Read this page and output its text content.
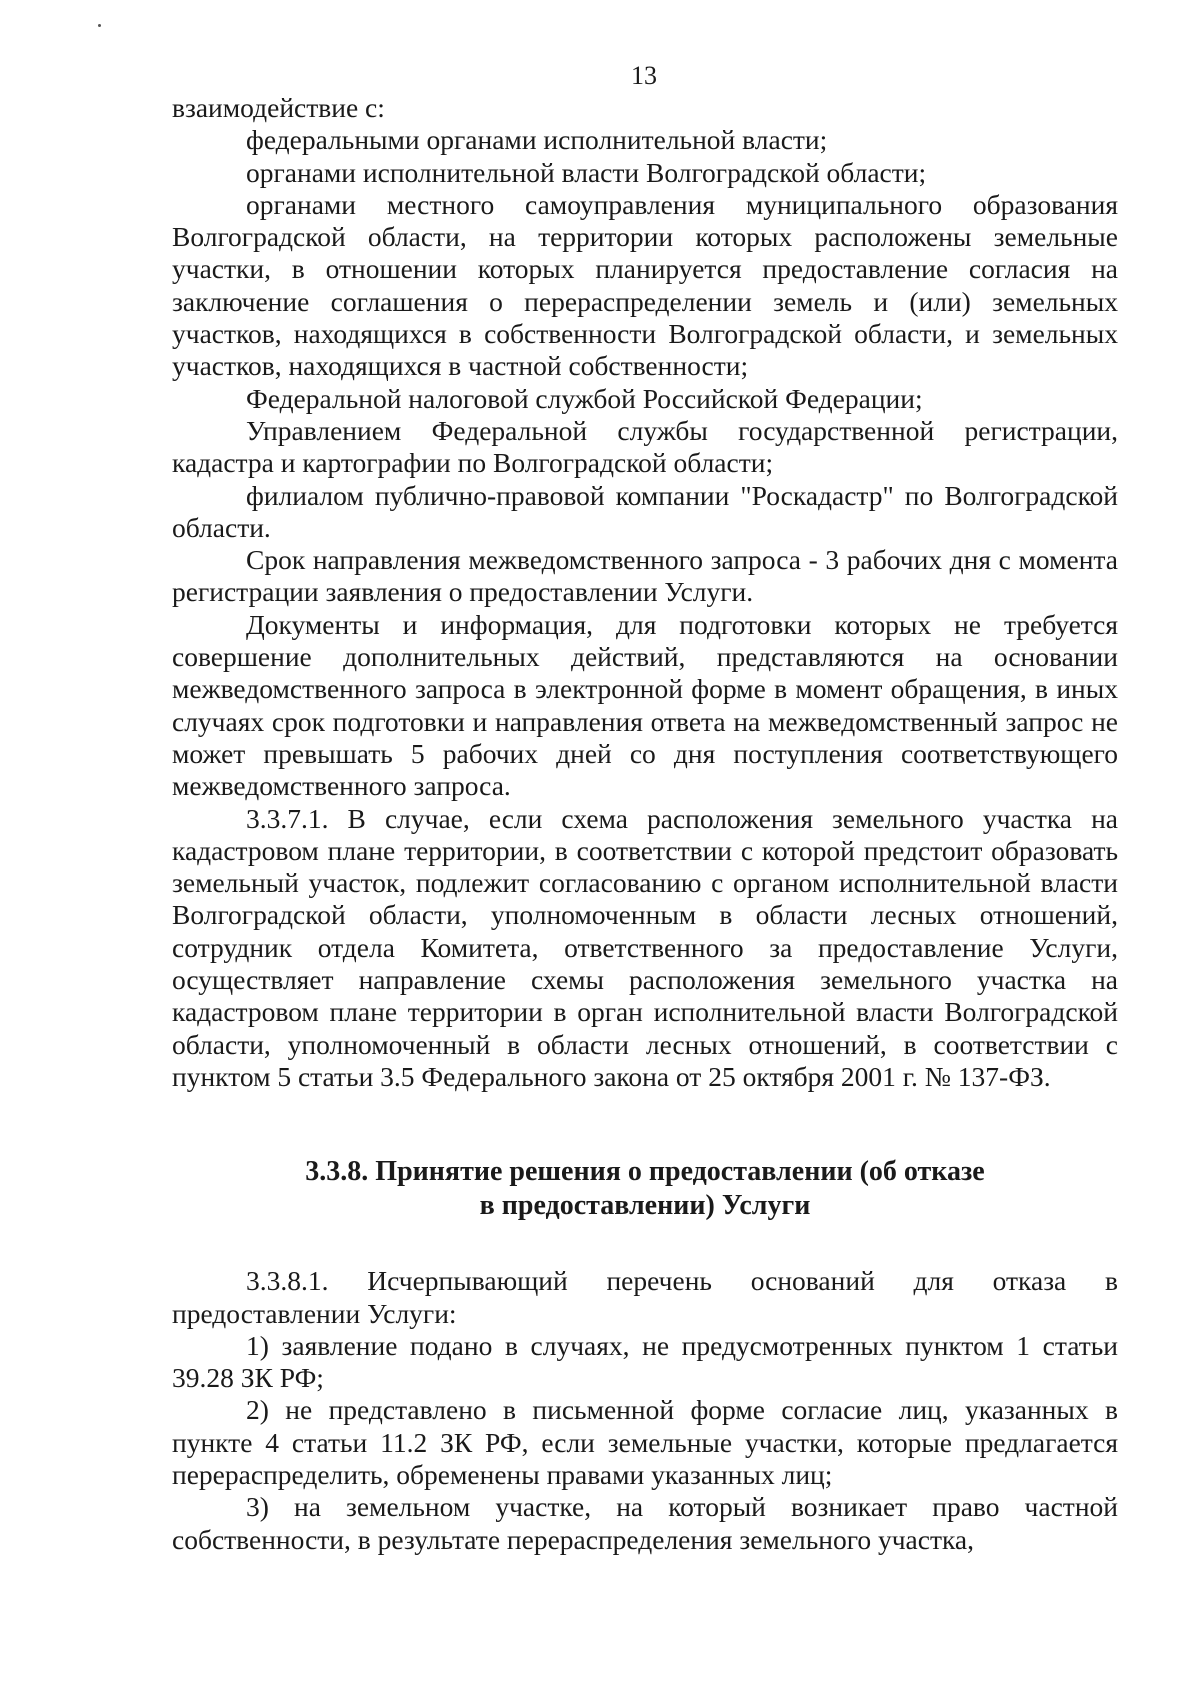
13

взаимодействие с:

федеральными органами исполнительной власти;

органами исполнительной власти Волгоградской области;

органами местного самоуправления муниципального образования Волгоградской области, на территории которых расположены земельные участки, в отношении которых планируется предоставление согласия на заключение соглашения о перераспределении земель и (или) земельных участков, находящихся в собственности Волгоградской области, и земельных участков, находящихся в частной собственности;

Федеральной налоговой службой Российской Федерации;

Управлением Федеральной службы государственной регистрации, кадастра и картографии по Волгоградской области;

филиалом публично-правовой компании "Роскадастр" по Волгоградской области.

Срок направления межведомственного запроса - 3 рабочих дня с момента регистрации заявления о предоставлении Услуги.

Документы и информация, для подготовки которых не требуется совершение дополнительных действий, представляются на основании межведомственного запроса в электронной форме в момент обращения, в иных случаях срок подготовки и направления ответа на межведомственный запрос не может превышать 5 рабочих дней со дня поступления соответствующего межведомственного запроса.

3.3.7.1. В случае, если схема расположения земельного участка на кадастровом плане территории, в соответствии с которой предстоит образовать земельный участок, подлежит согласованию с органом исполнительной власти Волгоградской области, уполномоченным в области лесных отношений, сотрудник отдела Комитета, ответственного за предоставление Услуги, осуществляет направление схемы расположения земельного участка на кадастровом плане территории в орган исполнительной власти Волгоградской области, уполномоченный в области лесных отношений, в соответствии с пунктом 5 статьи 3.5 Федерального закона от 25 октября 2001 г. № 137-ФЗ.

3.3.8. Принятие решения о предоставлении (об отказе
в предоставлении) Услуги

3.3.8.1. Исчерпывающий перечень оснований для отказа в предоставлении Услуги:

1) заявление подано в случаях, не предусмотренных пунктом 1 статьи 39.28 ЗК РФ;

2) не представлено в письменной форме согласие лиц, указанных в пункте 4 статьи 11.2 ЗК РФ, если земельные участки, которые предлагается перераспределить, обременены правами указанных лиц;

3) на земельном участке, на который возникает право частной собственности, в результате перераспределения земельного участка,
